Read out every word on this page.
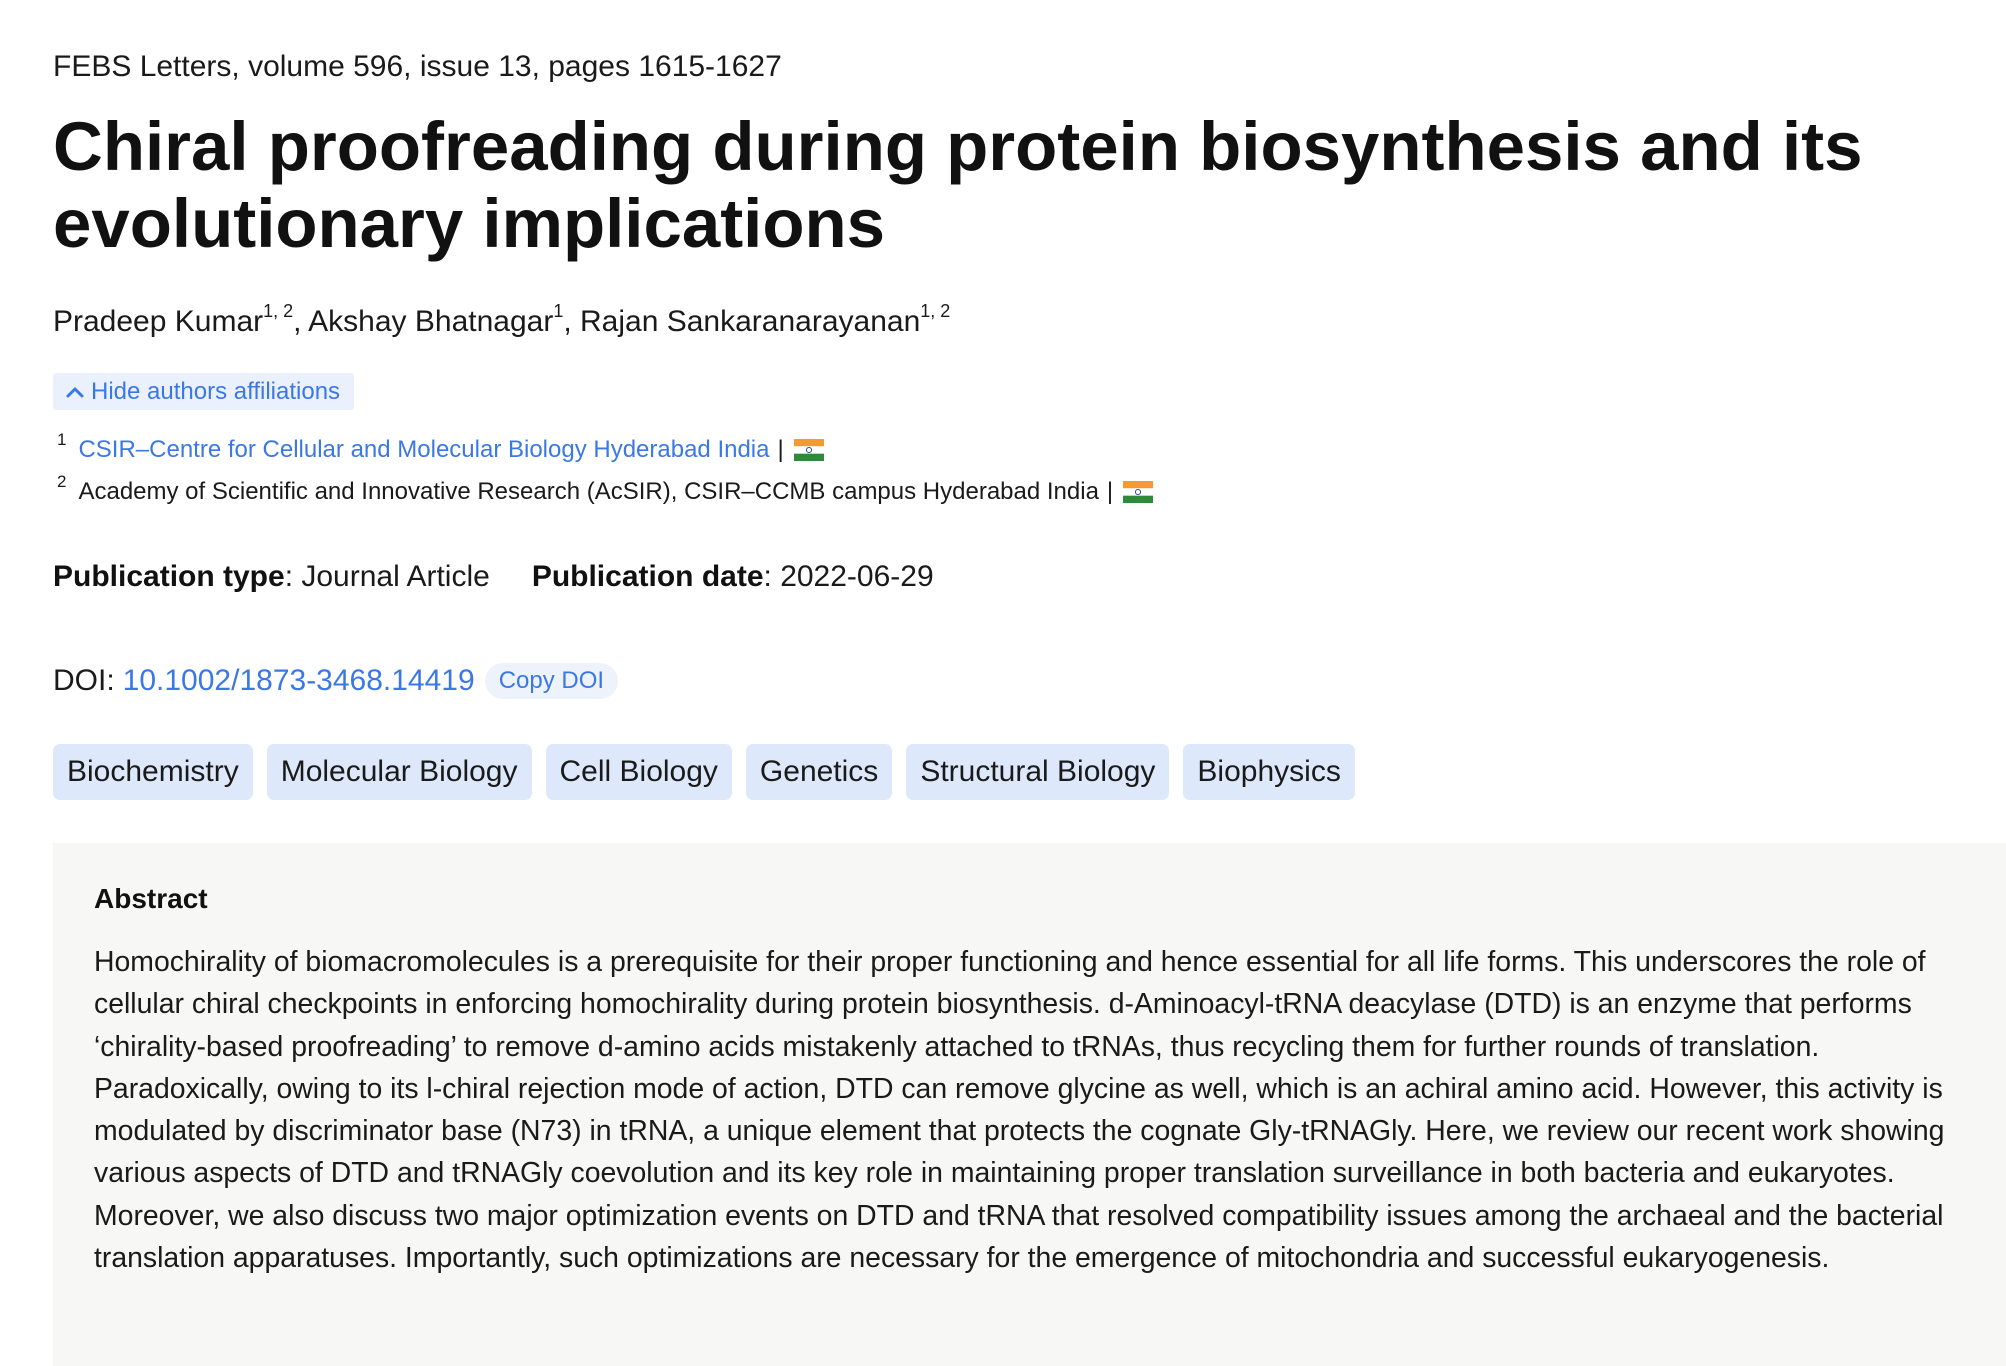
FEBS Letters, volume 596, issue 13, pages 1615-1627
Chiral proofreading during protein biosynthesis and its evolutionary implications
Pradeep Kumar$^{1, 2}$, Akshay Bhatnagar$^1$, Rajan Sankaranarayanan$^{1, 2}$
Hide authors affiliations
$^1$ CSIR–Centre for Cellular and Molecular Biology Hyderabad India |
$^2$ Academy of Scientific and Innovative Research (AcSIR), CSIR–CCMB campus Hyderabad India |
Publication type: Journal Article Publication date: 2022-06-29
DOI: 10.1002/1873-3468.14419	Copy DOI
Biochemistry	Molecular Biology	Cell Biology	Genetics	Structural Biology	Biophysics
Abstract

Homochirality of biomacromolecules is a prerequisite for their proper functioning and hence essential for all life forms. This underscores the role of cellular chiral checkpoints in enforcing homochirality during protein biosynthesis. d-Aminoacyl-tRNA deacylase (DTD) is an enzyme that performs ‘chirality-based proofreading’ to remove d-amino acids mistakenly attached to tRNAs, thus recycling them for further rounds of translation. Paradoxically, owing to its l-chiral rejection mode of action, DTD can remove glycine as well, which is an achiral amino acid. However, this activity is modulated by discriminator base (N73) in tRNA, a unique element that protects the cognate Gly-tRNAGly. Here, we review our recent work showing various aspects of DTD and tRNAGly coevolution and its key role in maintaining proper translation surveillance in both bacteria and eukaryotes. Moreover, we also discuss two major optimization events on DTD and tRNA that resolved compatibility issues among the archaeal and the bacterial translation apparatuses. Importantly, such optimizations are necessary for the emergence of mitochondria and successful eukaryogenesis.
